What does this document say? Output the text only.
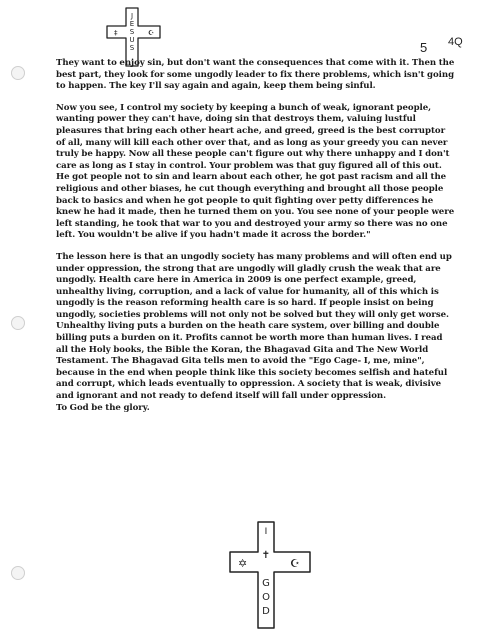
5 4Q
J E S U S
‡	☪

They want to enjoy sin, but don't want the consequences that come with it. Then the best part, they look for some ungodly leader to fix there problems, which isn't going to happen. The key I'll say again and again, keep them being sinful.

Now you see, I control my society by keeping a bunch of weak, ignorant people, wanting power they can't have, doing sin that destroys them, valuing lustful pleasures that bring each other heart ache, and greed, greed is the best corruptor of all, many will kill each other over that, and as long as your greedy you can never truly be happy. Now all these people can't figure out why there unhappy and I don't care as long as I stay in control. Your problem was that guy figured all of this out. He got people not to sin and learn about each other, he got past racism and all the religious and other biases, he cut though everything and brought all those people back to basics and when he got people to quit fighting over petty differences he knew he had it made, then he turned them on you. You see none of your people were left standing, he took that war to you and destroyed your army so there was no one left. You wouldn't be alive if you hadn't made it across the border."

The lesson here is that an ungodly society has many problems and will often end up under oppression, the strong that are ungodly will gladly crush the weak that are ungodly. Health care here in America in 2009 is one perfect example, greed, unhealthy living, corruption, and a lack of value for humanity, all of this which is ungodly is the reason reforming health care is so hard. If people insist on being ungodly, societies problems will not only not be solved but they will only get worse. Unhealthy living puts a burden on the heath care system, over billing and double billing puts a burden on it. Profits cannot be worth more than human lives. I read all the Holy books, the Bible the Koran, the Bhagavad Gita and The New World Testament. The Bhagavad Gita tells men to avoid the "Ego Cage- I, me, mine", because in the end when people think like this society becomes selfish and hateful and corrupt, which leads eventually to oppression. A society that is weak, divisive and ignorant and not ready to defend itself will fall under oppression.

To God be the glory.

I
✝
G
O
D
✡	☪
